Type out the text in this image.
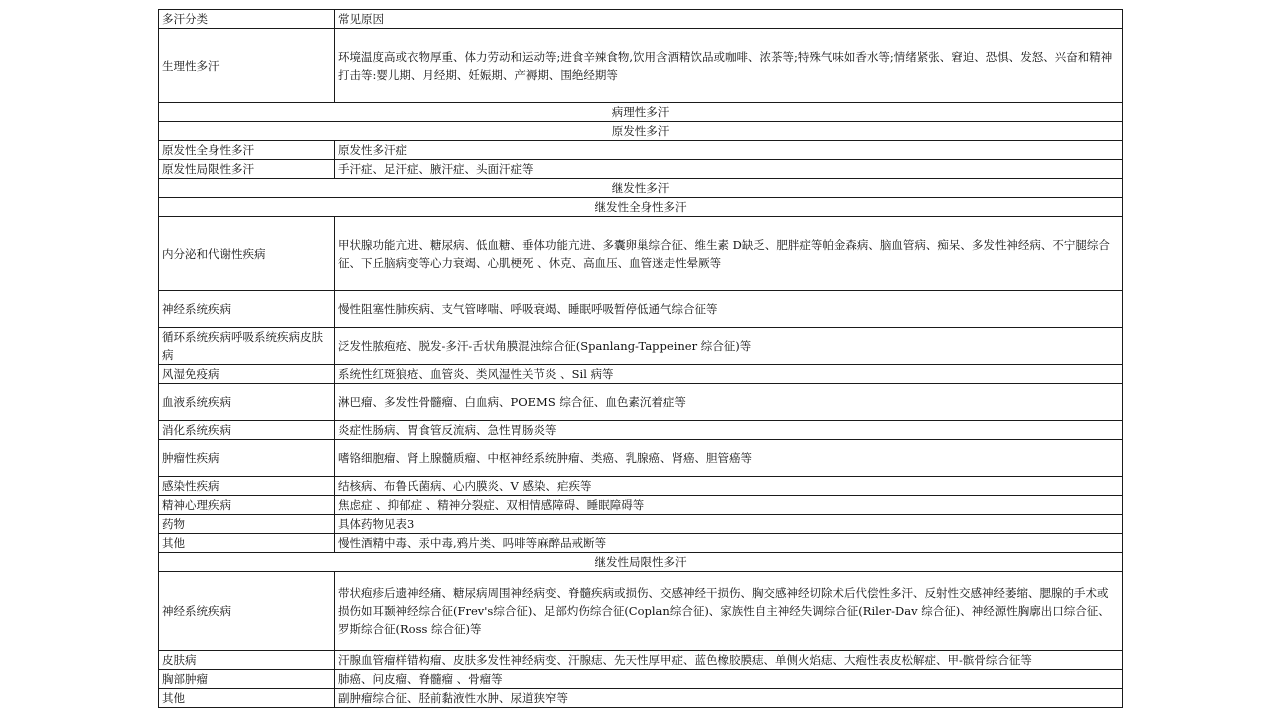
多汗分类	常见原因
生理性多汗	环境温度高或衣物厚重、体力劳动和运动等;进食辛辣食物,饮用含酒精饮品或咖啡、浓茶等;特殊气味如香水等;情绪紧张、窘迫、恐惧、发怒、兴奋和精神打击等:婴儿期、月经期、妊娠期、产褥期、围绝经期等
病理性多汗	
原发性多汗	
原发性全身性多汗	原发性多汗症
原发性局限性多汗	手汗症、足汗症、腋汗症、头面汗症等
继发性多汗	
继发性全身性多汗	
内分泌和代谢性疾病	甲状腺功能亢进、糖尿病、低血糖、垂体功能亢进、多囊卵巢综合征、维生素 D缺乏、肥胖症等帕金森病、脑血管病、痴呆、多发性神经病、不宁腿综合征、下丘脑病变等心力衰竭、心肌梗死 、休克、高血压、血管迷走性晕厥等
神经系统疾病	慢性阻塞性肺疾病、支气管哮喘、呼吸衰竭、睡眠呼吸暂停低通气综合征等
循环系统疾病呼吸系统疾病皮肤病	泛发性脓疱疮、脱发-多汗-舌状角膜混浊综合征(Spanlang-Tappeiner 综合征)等
风湿免疫病	系统性红斑狼疮、血管炎、类风湿性关节炎 、Sil 病等
血液系统疾病	淋巴瘤、多发性骨髓瘤、白血病、POEMS 综合征、血色素沉着症等
消化系统疾病	炎症性肠病、胃食管反流病、急性胃肠炎等
肿瘤性疾病	嗜铬细胞瘤、肾上腺髓质瘤、中枢神经系统肿瘤、类癌、乳腺癌、肾癌、胆管癌等
感染性疾病	结核病、布鲁氏菌病、心内膜炎、V 感染、疟疾等
精神心理疾病	焦虑症 、抑郁症 、精神分裂症、双相情感障碍、睡眠障碍等
药物	具体药物见表3
其他	慢性酒精中毒、汞中毒,鸦片类、吗啡等麻醉品戒断等
继发性局限性多汗	
神经系统疾病	带状疱疹后遗神经痛、糖尿病周围神经病变、脊髓疾病或损伤、交感神经干损伤、胸交感神经切除术后代偿性多汗、反射性交感神经萎缩、腮腺的手术或损伤如耳颞神经综合征(Frev's综合征)、足部灼伤综合征(Coplan综合征)、家族性自主神经失调综合征(Riler-Dav 综合征)、神经源性胸廓出口综合征、罗斯综合征(Ross 综合征)等
皮肤病	汗腺血管瘤样错构瘤、皮肤多发性神经病变、汗腺痣、先天性厚甲症、蓝色橡胶膜痣、单侧火焰痣、大疱性表皮松解症、甲-髌骨综合征等
胸部肿瘤	肺癌、问皮瘤、脊髓瘤 、骨瘤等
其他	副肿瘤综合征、胫前黏液性水肿、尿道狭窄等
